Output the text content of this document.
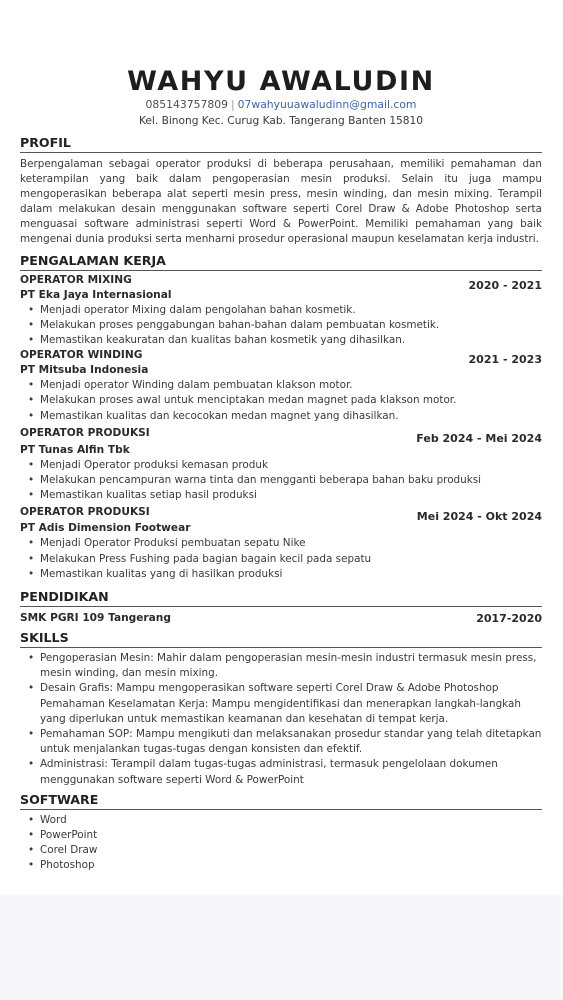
WAHYU AWALUDIN
085143757809 | 07wahyuuawaludinn@gmail.com
Kel. Binong Kec. Curug Kab. Tangerang Banten 15810
PROFIL
Berpengalaman sebagai operator produksi di beberapa perusahaan, memiliki pemahaman dan keterampilan yang baik dalam pengoperasian mesin produksi. Selain itu juga mampu mengoperasikan beberapa alat seperti mesin press, mesin winding, dan mesin mixing. Terampil dalam melakukan desain menggunakan software seperti Corel Draw & Adobe Photoshop serta menguasai software administrasi seperti Word & PowerPoint. Memiliki pemahaman yang baik mengenai dunia produksi serta menharni prosedur operasional maupun keselamatan kerja industri.
PENGALAMAN KERJA
OPERATOR MIXING	2020 - 2021
PT Eka Jaya Internasional
• Menjadi operator Mixing dalam pengolahan bahan kosmetik.
• Melakukan proses penggabungan bahan-bahan dalam pembuatan kosmetik.
• Memastikan keakuratan dan kualitas bahan kosmetik yang dihasilkan.
OPERATOR WINDING	2021 - 2023
PT Mitsuba Indonesia
• Menjadi operator Winding dalam pembuatan klakson motor.
• Melakukan proses awal untuk menciptakan medan magnet pada klakson motor.
• Memastikan kualitas dan kecocokan medan magnet yang dihasilkan.
OPERATOR PRODUKSI	Feb 2024 - Mei 2024
PT Tunas Alfin Tbk
• Menjadi Operator produksi kemasan produk
• Melakukan pencampuran warna tinta dan mengganti beberapa bahan baku produksi
• Memastikan kualitas setiap hasil produksi
OPERATOR PRODUKSI	Mei 2024 - Okt 2024
PT Adis Dimension Footwear
• Menjadi Operator Produksi pembuatan sepatu Nike
• Melakukan Press Fushing pada bagian bagain kecil pada sepatu
• Memastikan kualitas yang di hasilkan produksi
PENDIDIKAN
SMK PGRI 109 Tangerang	2017-2020
SKILLS
• Pengoperasian Mesin: Mahir dalam pengoperasian mesin-mesin industri termasuk mesin press, mesin winding, dan mesin mixing.
• Desain Grafis: Mampu mengoperasikan software seperti Corel Draw & Adobe Photoshop Pemahaman Keselamatan Kerja: Mampu mengidentifikasi dan menerapkan langkah-langkah yang diperlukan untuk memastikan keamanan dan kesehatan di tempat kerja.
• Pemahaman SOP: Mampu mengikuti dan melaksanakan prosedur standar yang telah ditetapkan untuk menjalankan tugas-tugas dengan konsisten dan efektif.
• Administrasi: Terampil dalam tugas-tugas administrasi, termasuk pengelolaan dokumen menggunakan software seperti Word & PowerPoint
SOFTWARE
• Word
• PowerPoint
• Corel Draw
• Photoshop
